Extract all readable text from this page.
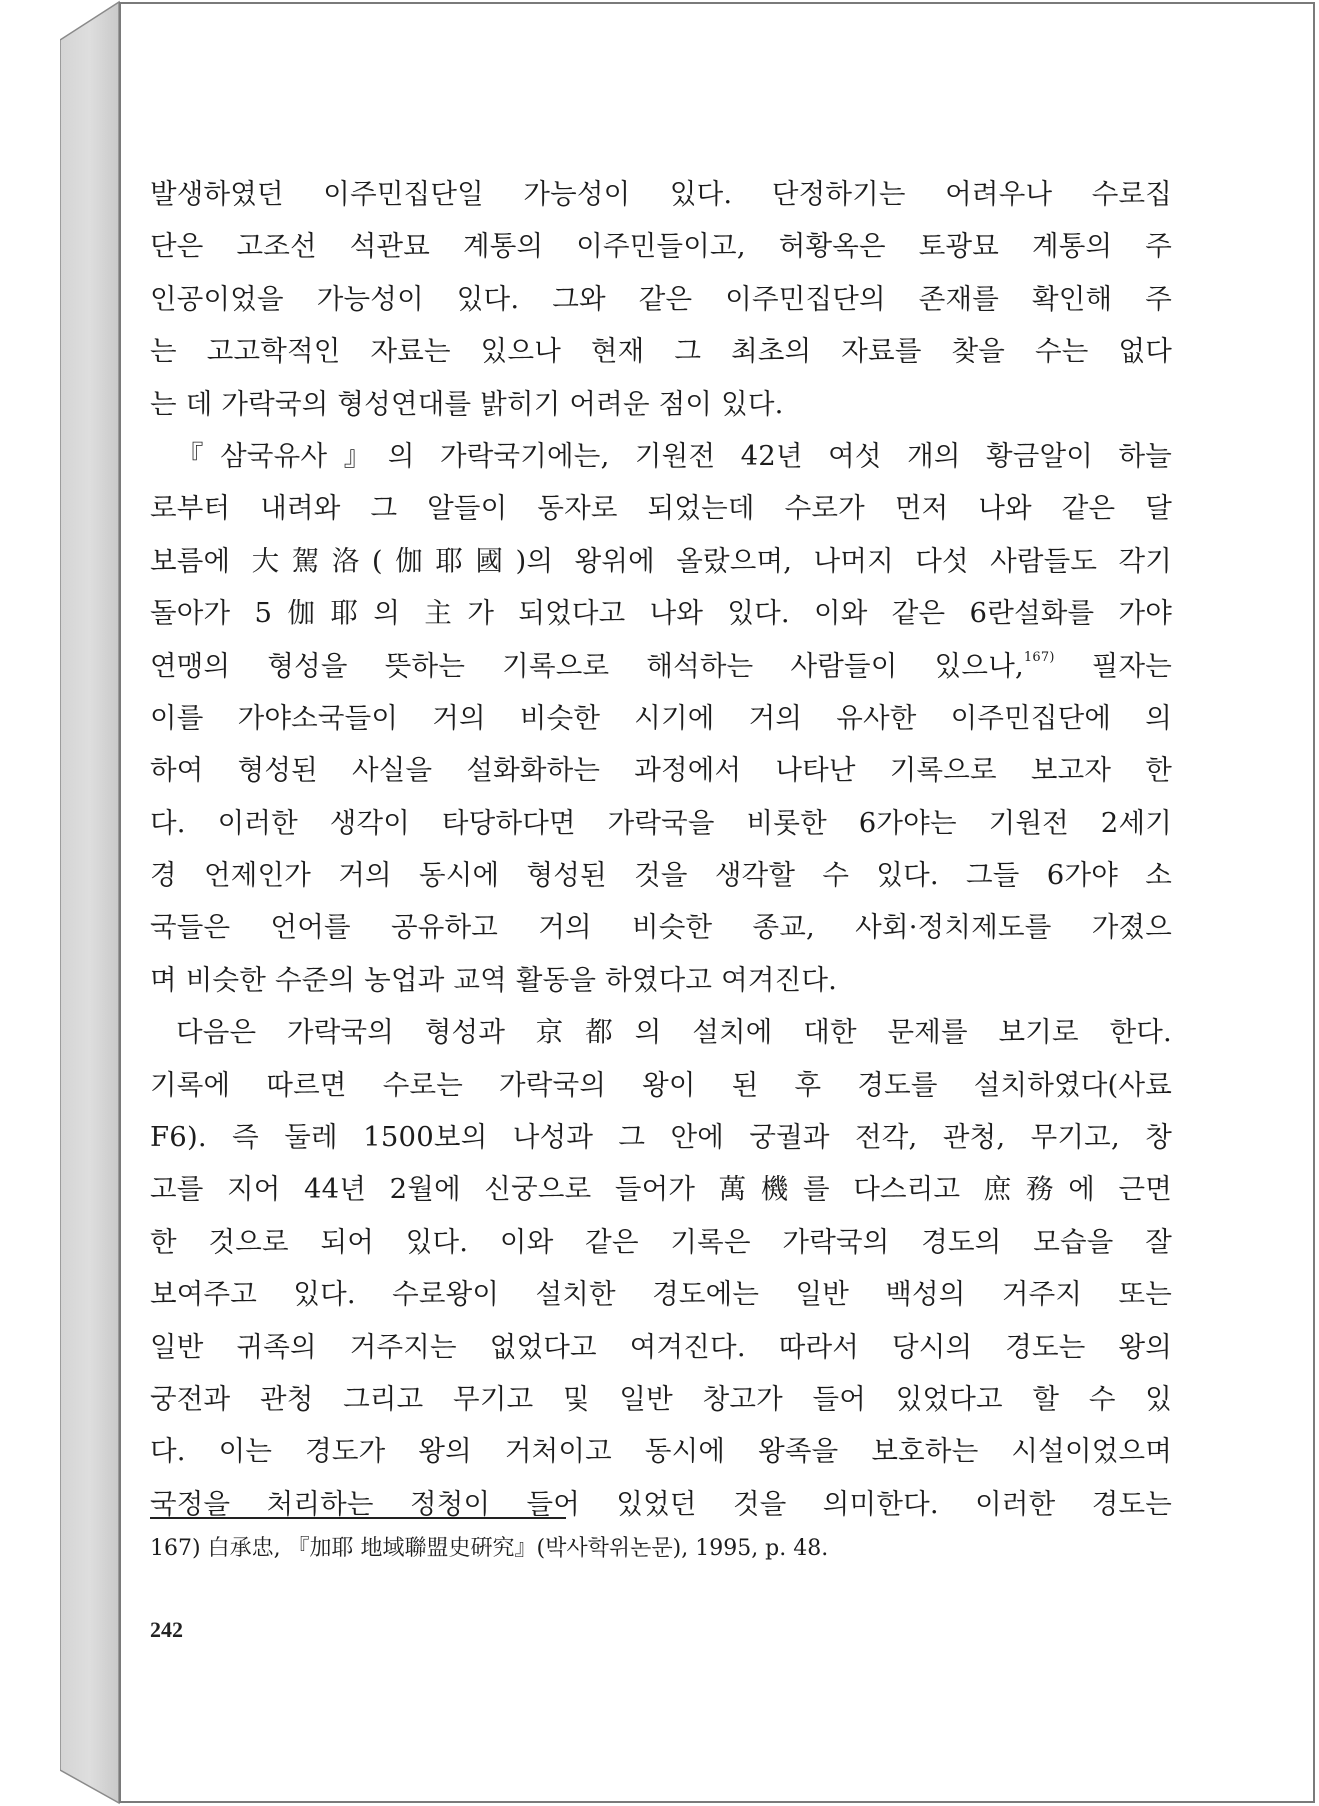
발생하였던 이주민집단일 가능성이 있다. 단정하기는 어려우나 수로집
단은 고조선 석관묘 계통의 이주민들이고, 허황옥은 토광묘 계통의 주
인공이었을 가능성이 있다. 그와 같은 이주민집단의 존재를 확인해 주
는 고고학적인 자료는 있으나 현재 그 최초의 자료를 찾을 수는 없다
는 데 가락국의 형성연대를 밝히기 어려운 점이 있다.
『삼국유사』의 가락국기에는, 기원전 42년 여섯 개의 황금알이 하늘
로부터 내려와 그 알들이 동자로 되었는데 수로가 먼저 나와 같은 달
보름에 大駕洛(伽耶國)의 왕위에 올랐으며, 나머지 다섯 사람들도 각기
돌아가 5伽耶의 主가 되었다고 나와 있다. 이와 같은 6란설화를 가야
연맹의 형성을 뜻하는 기록으로 해석하는 사람들이 있으나,$^{167)}$ 필자는
이를 가야소국들이 거의 비슷한 시기에 거의 유사한 이주민집단에 의
하여 형성된 사실을 설화화하는 과정에서 나타난 기록으로 보고자 한
다. 이러한 생각이 타당하다면 가락국을 비롯한 6가야는 기원전 2세기
경 언제인가 거의 동시에 형성된 것을 생각할 수 있다. 그들 6가야 소
국들은 언어를 공유하고 거의 비슷한 종교, 사회·정치제도를 가졌으
며 비슷한 수준의 농업과 교역 활동을 하였다고 여겨진다.
다음은 가락국의 형성과 京都의 설치에 대한 문제를 보기로 한다.
기록에 따르면 수로는 가락국의 왕이 된 후 경도를 설치하였다(사료
F6). 즉 둘레 1500보의 나성과 그 안에 궁궐과 전각, 관청, 무기고, 창
고를 지어 44년 2월에 신궁으로 들어가 萬機를 다스리고 庶務에 근면
한 것으로 되어 있다. 이와 같은 기록은 가락국의 경도의 모습을 잘
보여주고 있다. 수로왕이 설치한 경도에는 일반 백성의 거주지 또는
일반 귀족의 거주지는 없었다고 여겨진다. 따라서 당시의 경도는 왕의
궁전과 관청 그리고 무기고 및 일반 창고가 들어 있었다고 할 수 있
다. 이는 경도가 왕의 거처이고 동시에 왕족을 보호하는 시설이었으며
국정을 처리하는 정청이 들어 있었던 것을 의미한다. 이러한 경도는
167) 白承忠, 『加耶 地域聯盟史硏究』(박사학위논문), 1995, p. 48.
242
